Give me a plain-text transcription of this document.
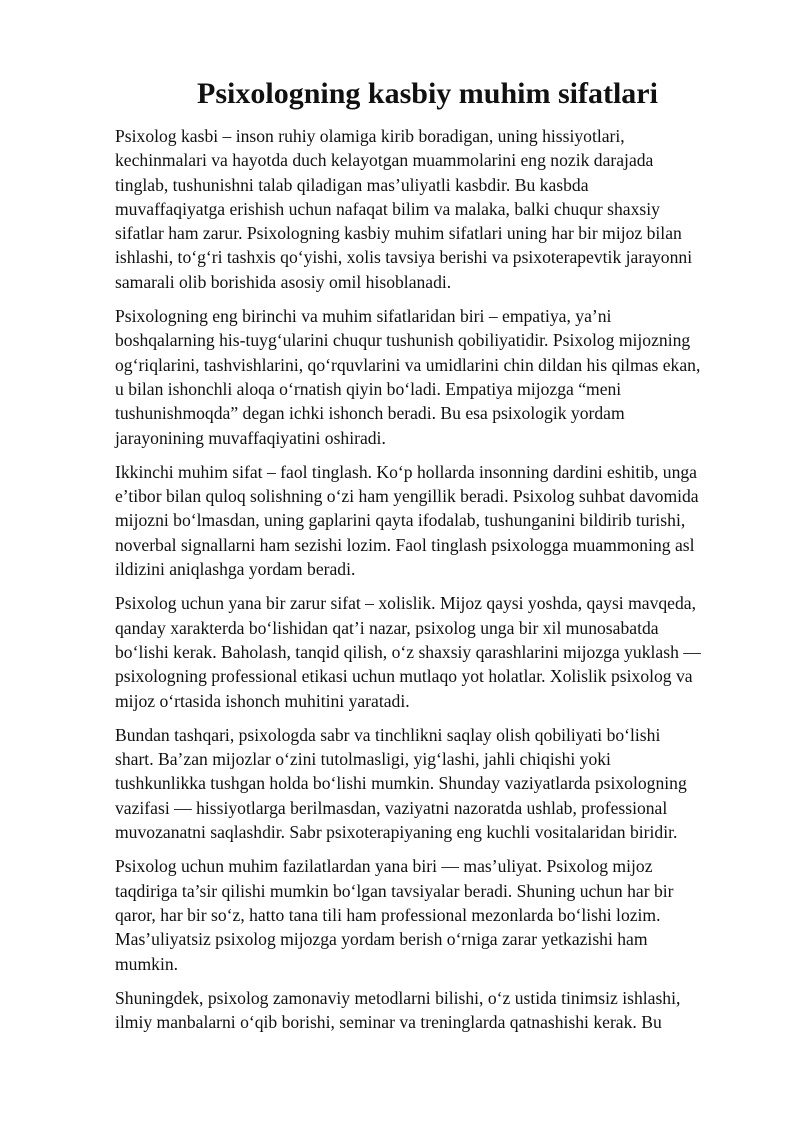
Psixologning kasbiy muhim sifatlari

Psixolog kasbi – inson ruhiy olamiga kirib boradigan, uning hissiyotlari,
kechinmalari va hayotda duch kelayotgan muammolarini eng nozik darajada
tinglab, tushunishni talab qiladigan mas’uliyatli kasbdir. Bu kasbda
muvaffaqiyatga erishish uchun nafaqat bilim va malaka, balki chuqur shaxsiy
sifatlar ham zarur. Psixologning kasbiy muhim sifatlari uning har bir mijoz bilan
ishlashi, to‘g‘ri tashxis qo‘yishi, xolis tavsiya berishi va psixoterapevtik jarayonni
samarali olib borishida asosiy omil hisoblanadi.

Psixologning eng birinchi va muhim sifatlaridan biri – empatiya, ya’ni
boshqalarning his-tuyg‘ularini chuqur tushunish qobiliyatidir. Psixolog mijozning
og‘riqlarini, tashvishlarini, qo‘rquvlarini va umidlarini chin dildan his qilmas ekan,
u bilan ishonchli aloqa o‘rnatish qiyin bo‘ladi. Empatiya mijozga “meni
tushunishmoqda” degan ichki ishonch beradi. Bu esa psixologik yordam
jarayonining muvaffaqiyatini oshiradi.

Ikkinchi muhim sifat – faol tinglash. Ko‘p hollarda insonning dardini eshitib, unga
e’tibor bilan quloq solishning o‘zi ham yengillik beradi. Psixolog suhbat davomida
mijozni bo‘lmasdan, uning gaplarini qayta ifodalab, tushunganini bildirib turishi,
noverbal signallarni ham sezishi lozim. Faol tinglash psixologga muammoning asl
ildizini aniqlashga yordam beradi.

Psixolog uchun yana bir zarur sifat – xolislik. Mijoz qaysi yoshda, qaysi mavqeda,
qanday xarakterda bo‘lishidan qat’i nazar, psixolog unga bir xil munosabatda
bo‘lishi kerak. Baholash, tanqid qilish, o‘z shaxsiy qarashlarini mijozga yuklash —
psixologning professional etikasi uchun mutlaqo yot holatlar. Xolislik psixolog va
mijoz o‘rtasida ishonch muhitini yaratadi.

Bundan tashqari, psixologda sabr va tinchlikni saqlay olish qobiliyati bo‘lishi
shart. Ba’zan mijozlar o‘zini tutolmasligi, yig‘lashi, jahli chiqishi yoki
tushkunlikka tushgan holda bo‘lishi mumkin. Shunday vaziyatlarda psixologning
vazifasi — hissiyotlarga berilmasdan, vaziyatni nazoratda ushlab, professional
muvozanatni saqlashdir. Sabr psixoterapiyaning eng kuchli vositalaridan biridir.

Psixolog uchun muhim fazilatlardan yana biri — mas’uliyat. Psixolog mijoz
taqdiriga ta’sir qilishi mumkin bo‘lgan tavsiyalar beradi. Shuning uchun har bir
qaror, har bir so‘z, hatto tana tili ham professional mezonlarda bo‘lishi lozim.
Mas’uliyatsiz psixolog mijozga yordam berish o‘rniga zarar yetkazishi ham
mumkin.

Shuningdek, psixolog zamonaviy metodlarni bilishi, o‘z ustida tinimsiz ishlashi,
ilmiy manbalarni o‘qib borishi, seminar va treninglarda qatnashishi kerak. Bu
